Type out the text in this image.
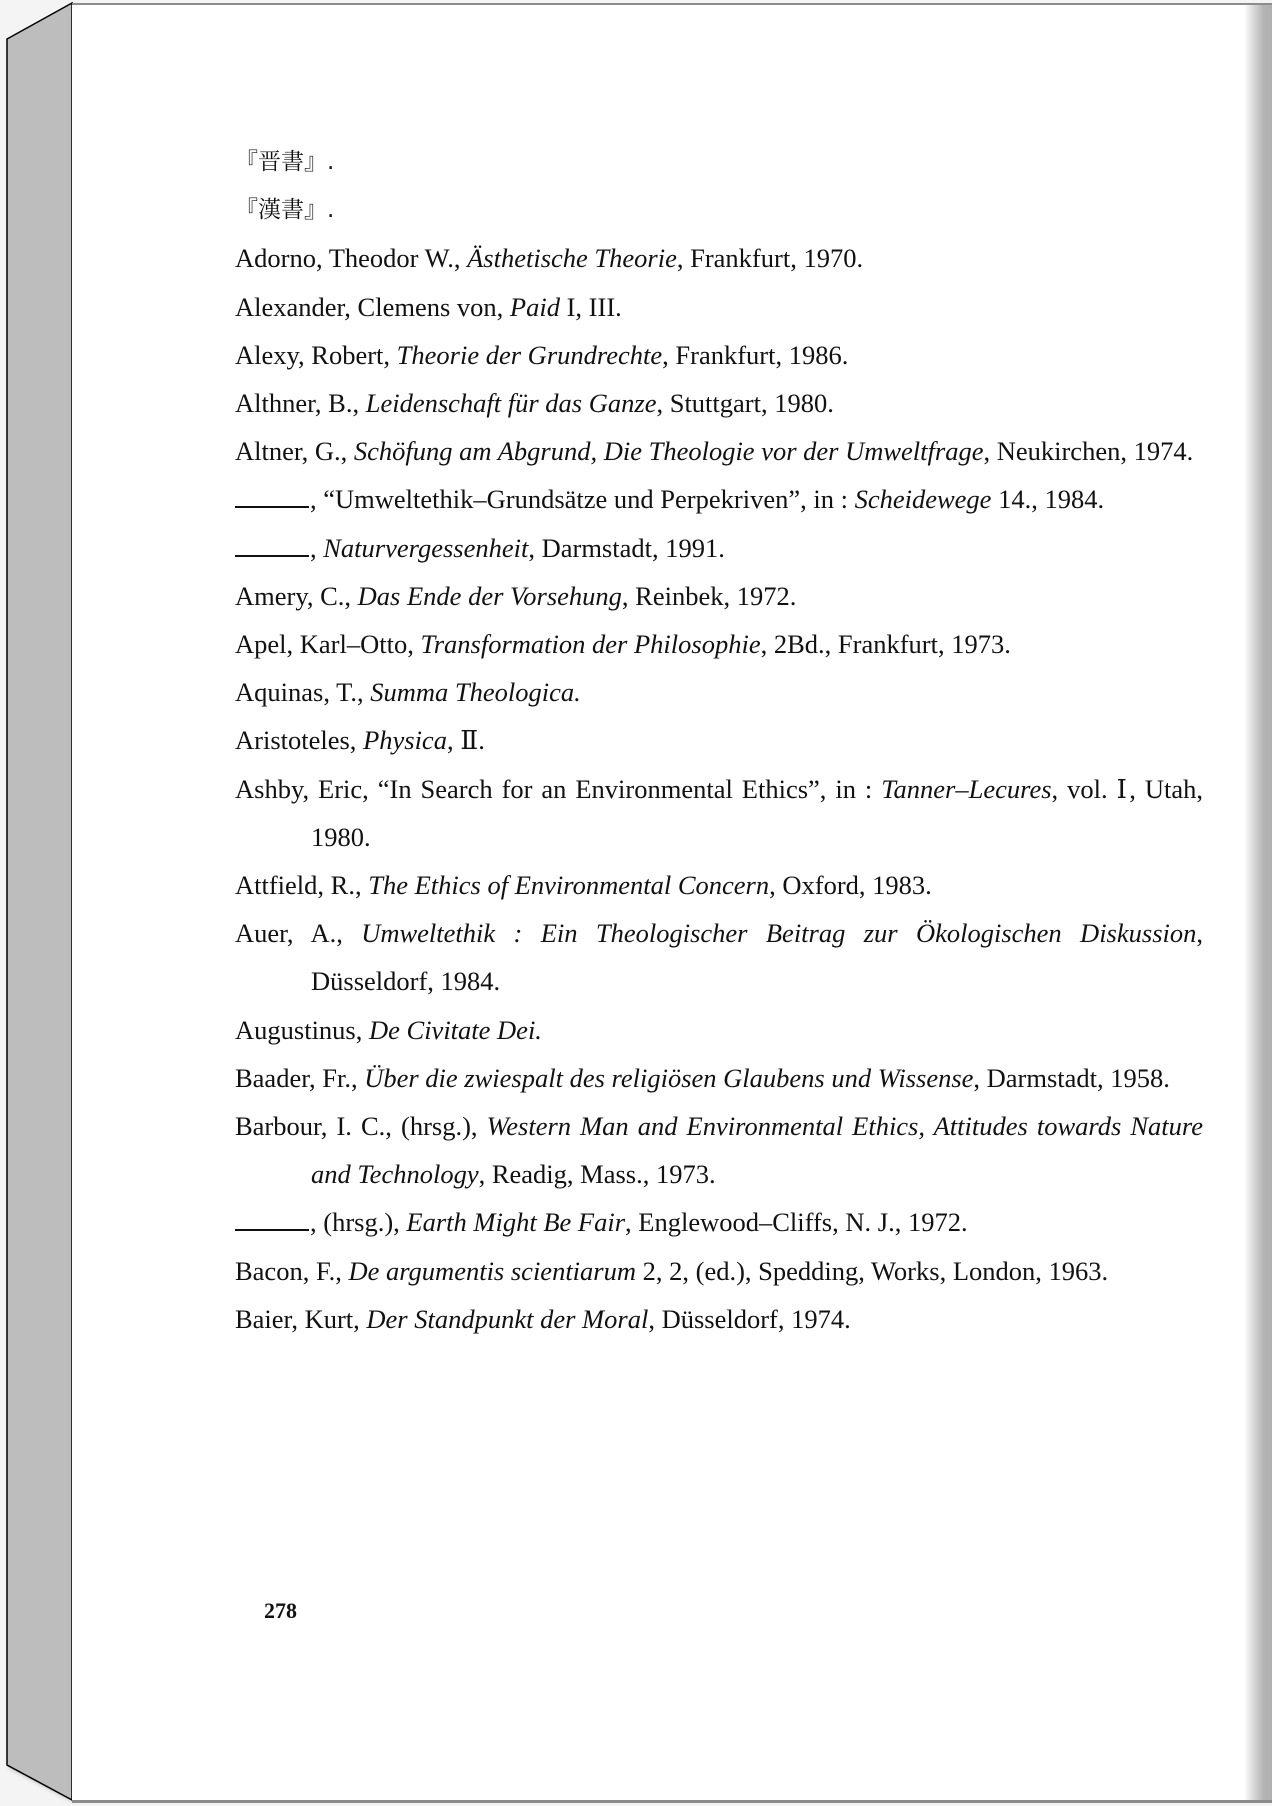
『晋書』.

『漢書』.

Adorno, Theodor W., Ästhetische Theorie, Frankfurt, 1970.

Alexander, Clemens von, Paid I, III.

Alexy, Robert, Theorie der Grundrechte, Frankfurt, 1986.

Althner, B., Leidenschaft für das Ganze, Stuttgart, 1980.

Altner, G., Schöfung am Abgrund, Die Theologie vor der Umweltfrage, Neukirchen, 1974.

, “Umweltethik–Grundsätze und Perpekriven”, in : Scheidewege 14., 1984.

, Naturvergessenheit, Darmstadt, 1991.

Amery, C., Das Ende der Vorsehung, Reinbek, 1972.

Apel, Karl–Otto, Transformation der Philosophie, 2Bd., Frankfurt, 1973.

Aquinas, T., Summa Theologica.

Aristoteles, Physica, Ⅱ.

Ashby, Eric, “In Search for an Environmental Ethics”, in : Tanner–Lecures, vol. Ⅰ, Utah, 1980.

Attfield, R., The Ethics of Environmental Concern, Oxford, 1983.

Auer, A., Umweltethik : Ein Theologischer Beitrag zur Ökologischen Diskussion, Düsseldorf, 1984.

Augustinus, De Civitate Dei.

Baader, Fr., Über die zwiespalt des religiösen Glaubens und Wissense, Darmstadt, 1958.

Barbour, I. C., (hrsg.), Western Man and Environmental Ethics, Attitudes towards Nature and Technology, Readig, Mass., 1973.

, (hrsg.), Earth Might Be Fair, Englewood–Cliffs, N. J., 1972.

Bacon, F., De argumentis scientiarum 2, 2, (ed.), Spedding, Works, London, 1963.

Baier, Kurt, Der Standpunkt der Moral, Düsseldorf, 1974.

278
